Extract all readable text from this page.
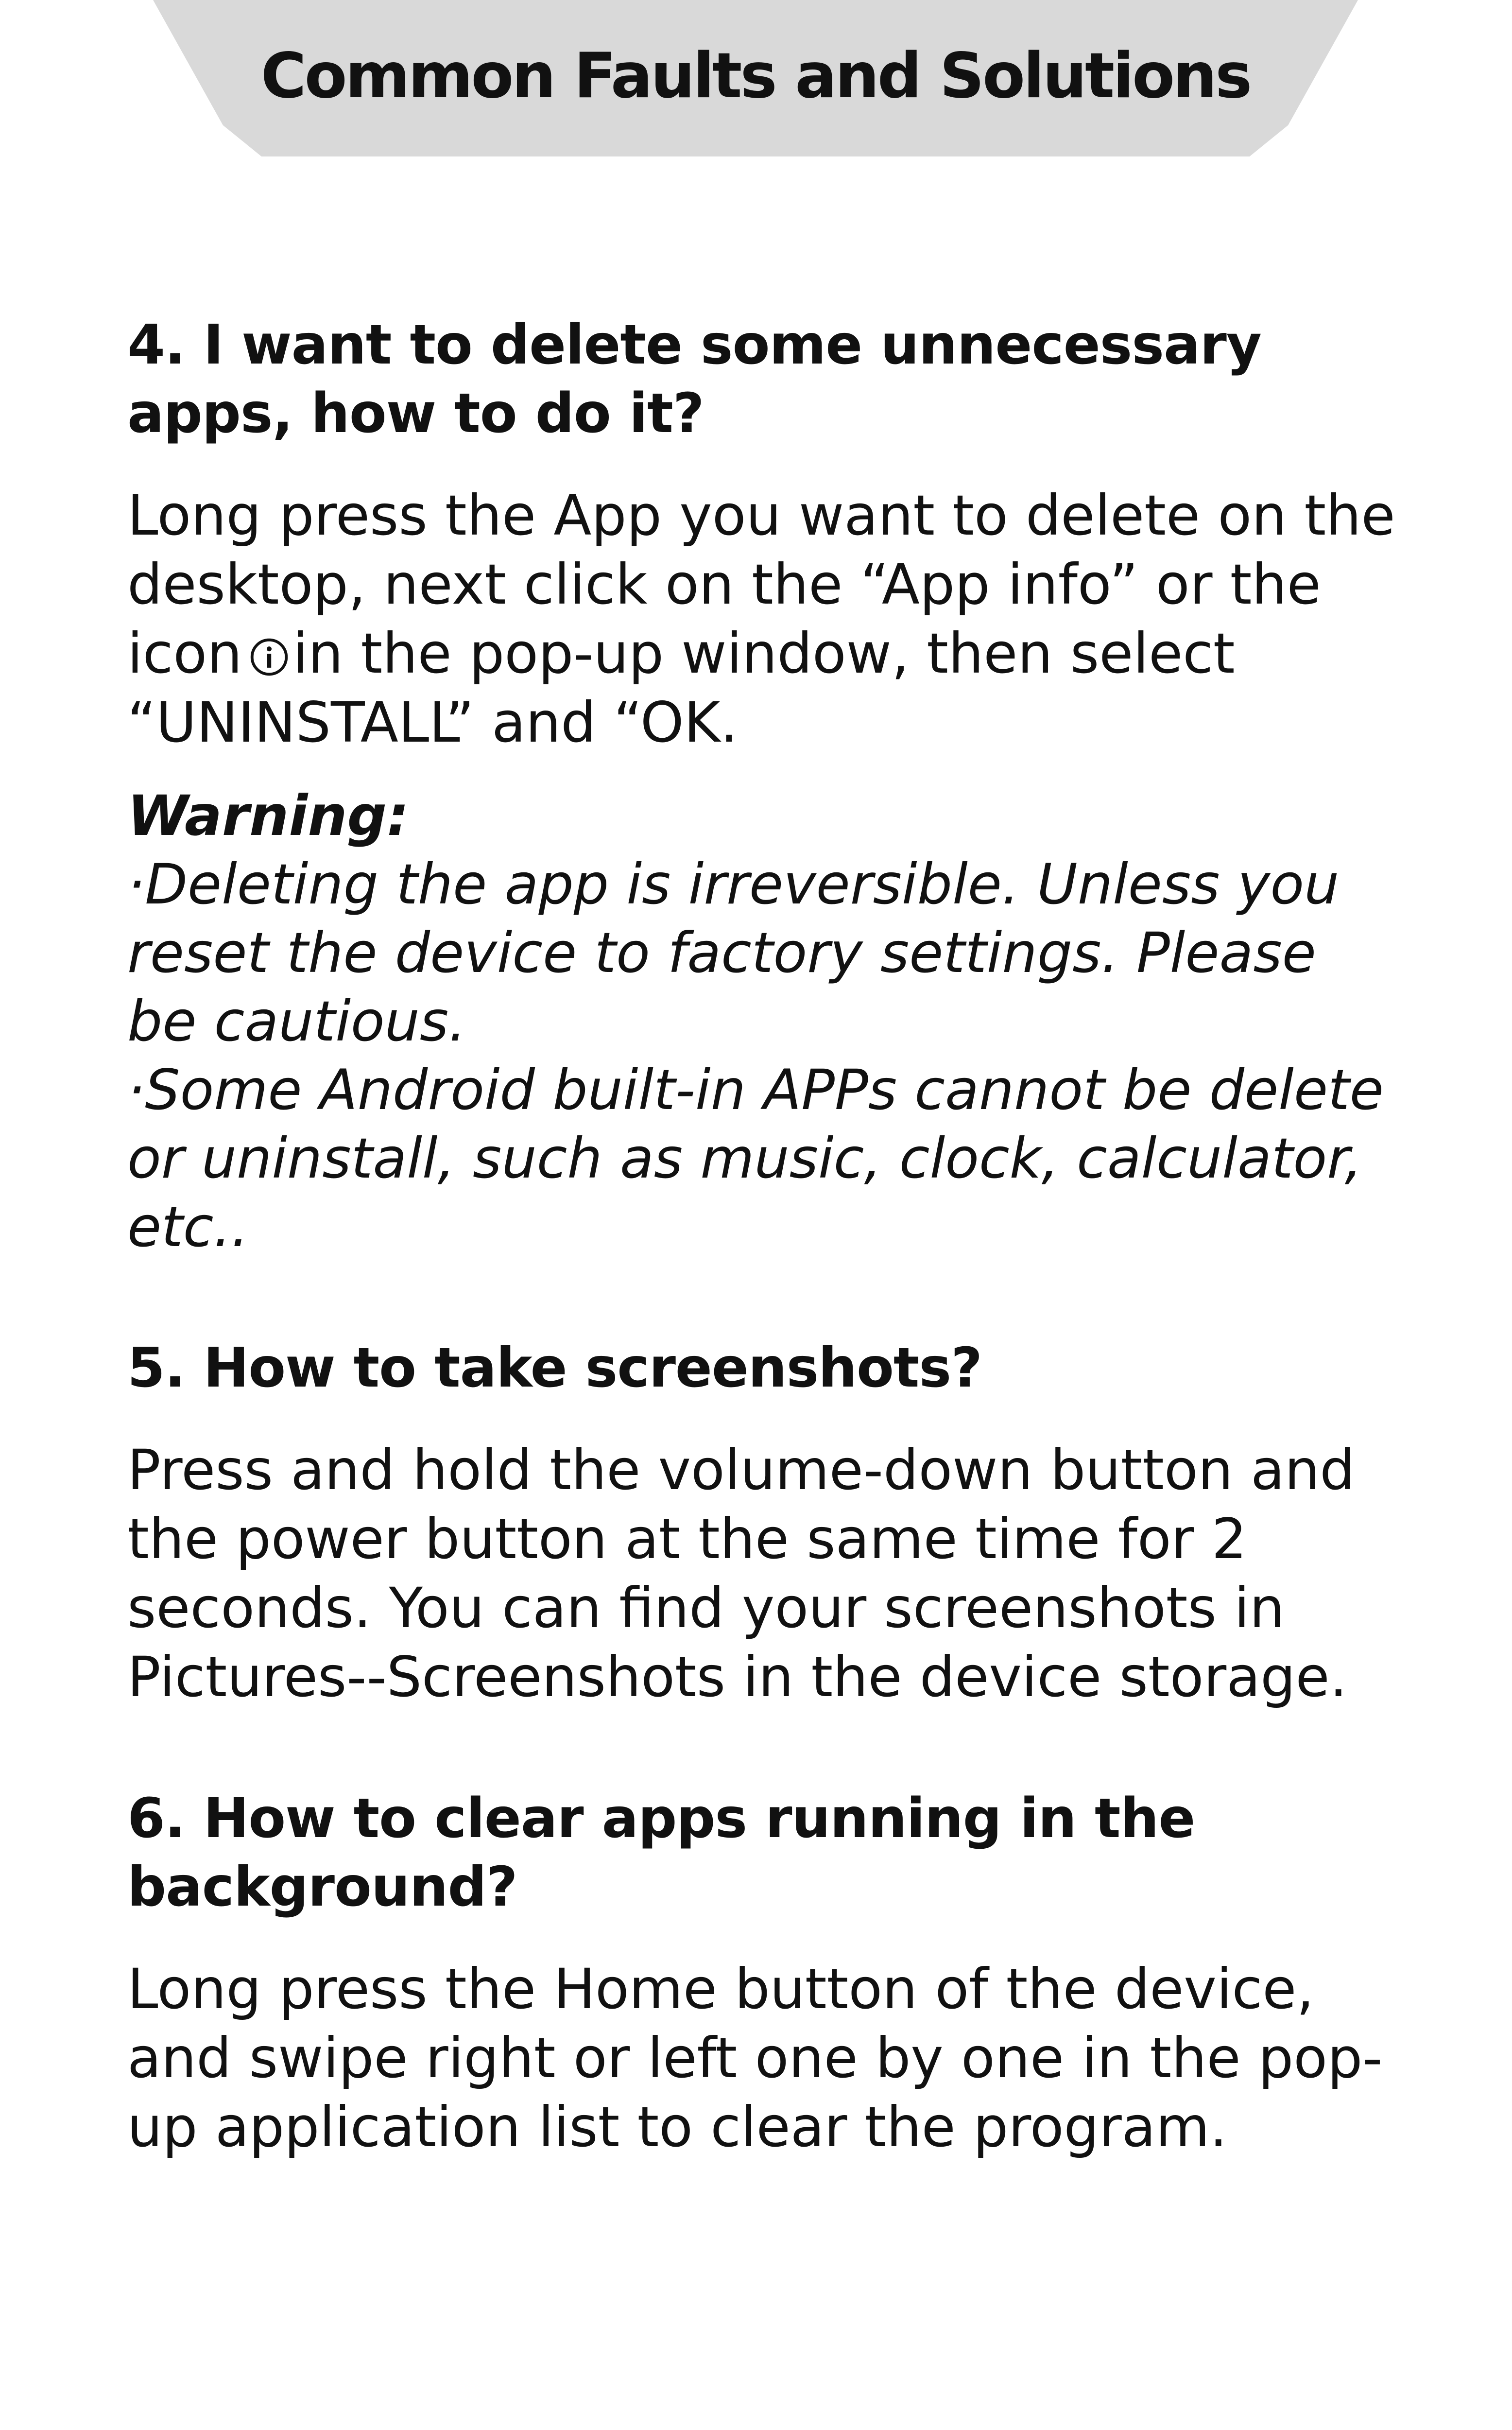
Common Faults and Solutions

4. I want to delete some unnecessary apps, how to do it?

Long press the App you want to delete on the desktop, next click on the “App info” or the icon in the pop-up window, then select “UNINSTALL” and “OK.

Warning:

·Deleting the app is irreversible. Unless you reset the device to factory settings. Please be cautious.

·Some Android built-in APPs cannot be delete or uninstall, such as music, clock, calculator, etc..

5. How to take screenshots?

Press and hold the volume-down button and the power button at the same time for 2 seconds. You can find your screenshots in Pictures--Screenshots in the device storage.

6. How to clear apps running in the background?

Long press the Home button of the device, and swipe right or left one by one in the pop-up application list to clear the program.
